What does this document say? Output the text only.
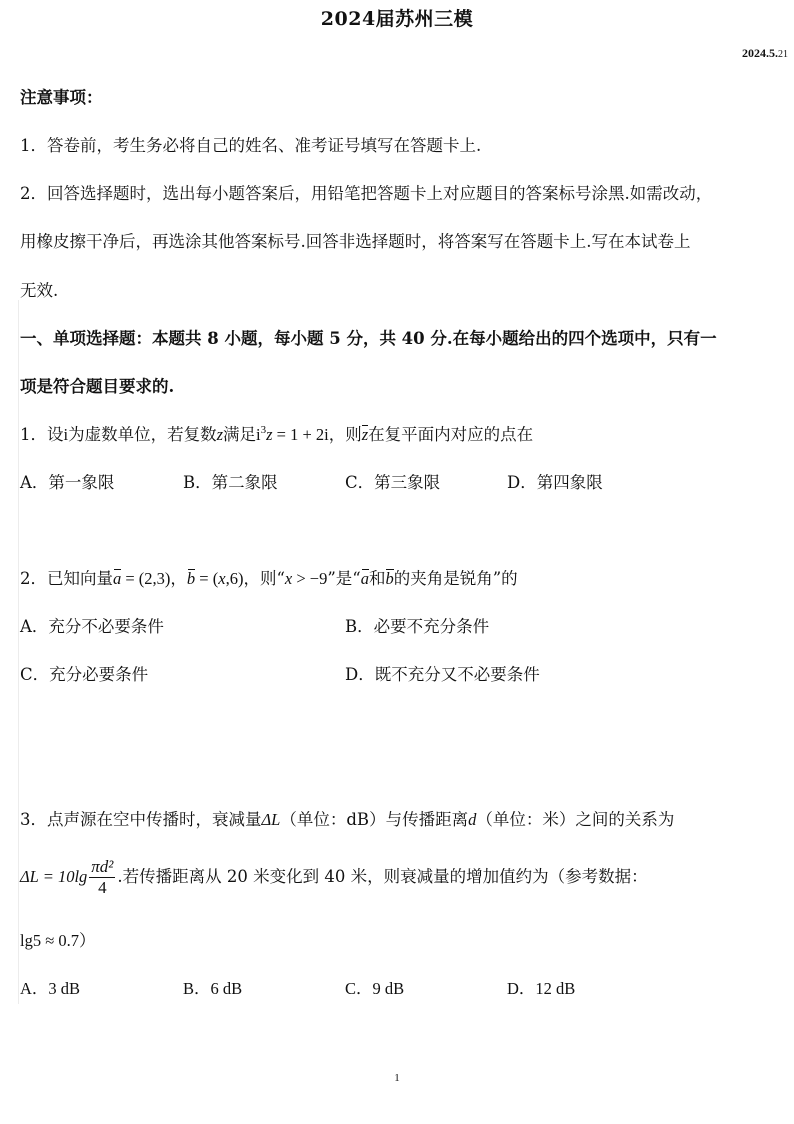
2024届苏州三模
2024.5.21
注意事项：
1．答卷前，考生务必将自己的姓名、准考证号填写在答题卡上.
2．回答选择题时，选出每小题答案后，用铅笔把答题卡上对应题目的答案标号涂黑.如需改动，
用橡皮擦干净后，再选涂其他答案标号.回答非选择题时，将答案写在答题卡上.写在本试卷上
无效.
一、单项选择题：本题共 8 小题，每小题 5 分，共 40 分.在每小题给出的四个选项中，只有一
项是符合题目要求的.
1．设i为虚数单位，若复数z满足$i^3z = 1 + 2i$，则z在复平面内对应的点在
A．第一象限	B．第二象限	C．第三象限	D．第四象限
2．已知向量a = (2,3)，b = (x,6)，则“x > −9”是“a和b的夹角是锐角”的
A．充分不必要条件	B．必要不充分条件
C．充分必要条件	D．既不充分又不必要条件
3．点声源在空中传播时，衰减量ΔL（单位：dB）与传播距离d（单位：米）之间的关系为
$\Delta L = 10\lg \frac{\text{πd²}}{4}$ .若传播距离从 20 米变化到 40 米，则衰减量的增加值约为（参考数据：
lg5 ≈ 0.7）
A．3 dB	B．6 dB	C．9 dB	D．12 dB
1
